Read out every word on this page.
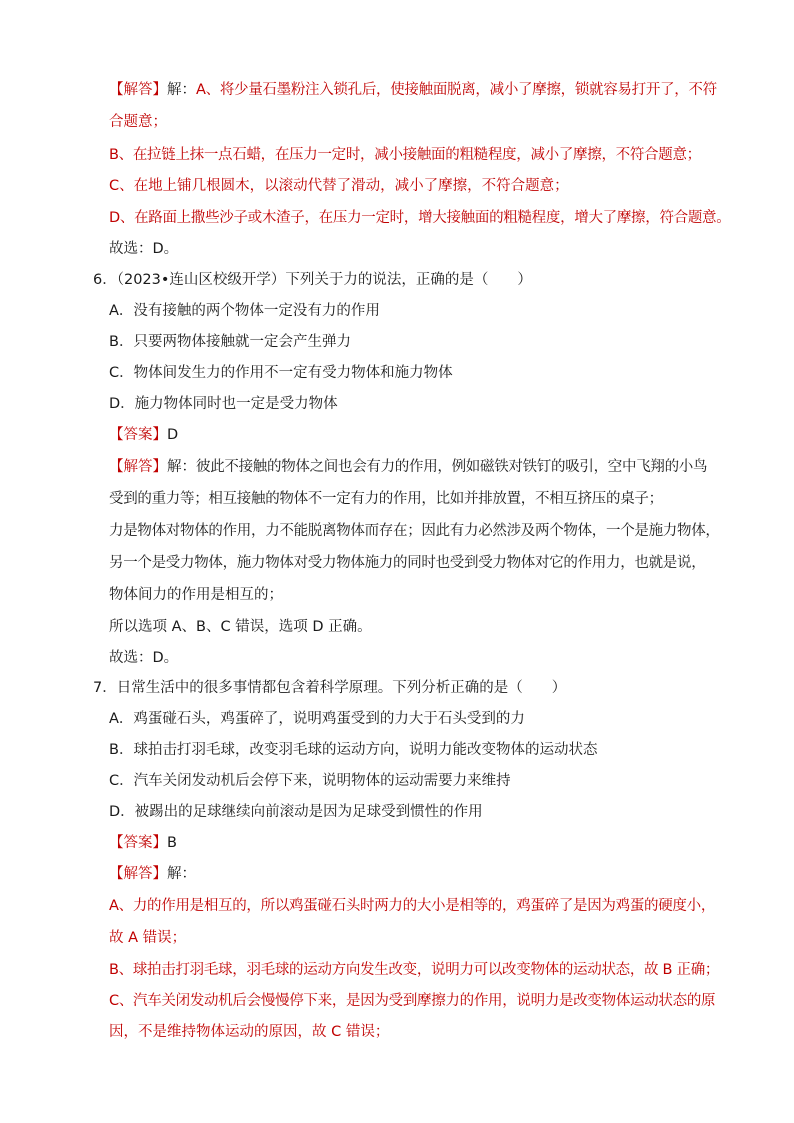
【解答】解：A、将少量石墨粉注入锁孔后，使接触面脱离，减小了摩擦，锁就容易打开了，不符
合题意；
B、在拉链上抹一点石蜡，在压力一定时，减小接触面的粗糙程度，减小了摩擦，不符合题意；
C、在地上铺几根圆木，以滚动代替了滑动，减小了摩擦，不符合题意；
D、在路面上撒些沙子或木渣子，在压力一定时，增大接触面的粗糙程度，增大了摩擦，符合题意。
故选：D。
6．（2023•连山区校级开学）下列关于力的说法，正确的是（　　）
A．没有接触的两个物体一定没有力的作用
B．只要两物体接触就一定会产生弹力
C．物体间发生力的作用不一定有受力物体和施力物体
D．施力物体同时也一定是受力物体
【答案】D
【解答】解：彼此不接触的物体之间也会有力的作用，例如磁铁对铁钉的吸引，空中飞翔的小鸟
受到的重力等；相互接触的物体不一定有力的作用，比如并排放置，不相互挤压的桌子；
力是物体对物体的作用，力不能脱离物体而存在；因此有力必然涉及两个物体，一个是施力物体，
另一个是受力物体，施力物体对受力物体施力的同时也受到受力物体对它的作用力，也就是说，
物体间力的作用是相互的；
所以选项 A、B、C 错误，选项 D 正确。
故选：D。
7．日常生活中的很多事情都包含着科学原理。下列分析正确的是（　　）
A．鸡蛋碰石头，鸡蛋碎了，说明鸡蛋受到的力大于石头受到的力
B．球拍击打羽毛球，改变羽毛球的运动方向，说明力能改变物体的运动状态
C．汽车关闭发动机后会停下来，说明物体的运动需要力来维持
D．被踢出的足球继续向前滚动是因为足球受到惯性的作用
【答案】B
【解答】解：
A、力的作用是相互的，所以鸡蛋碰石头时两力的大小是相等的，鸡蛋碎了是因为鸡蛋的硬度小，
故 A 错误；
B、球拍击打羽毛球，羽毛球的运动方向发生改变，说明力可以改变物体的运动状态，故 B 正确；
C、汽车关闭发动机后会慢慢停下来，是因为受到摩擦力的作用，说明力是改变物体运动状态的原
因，不是维持物体运动的原因，故 C 错误；
